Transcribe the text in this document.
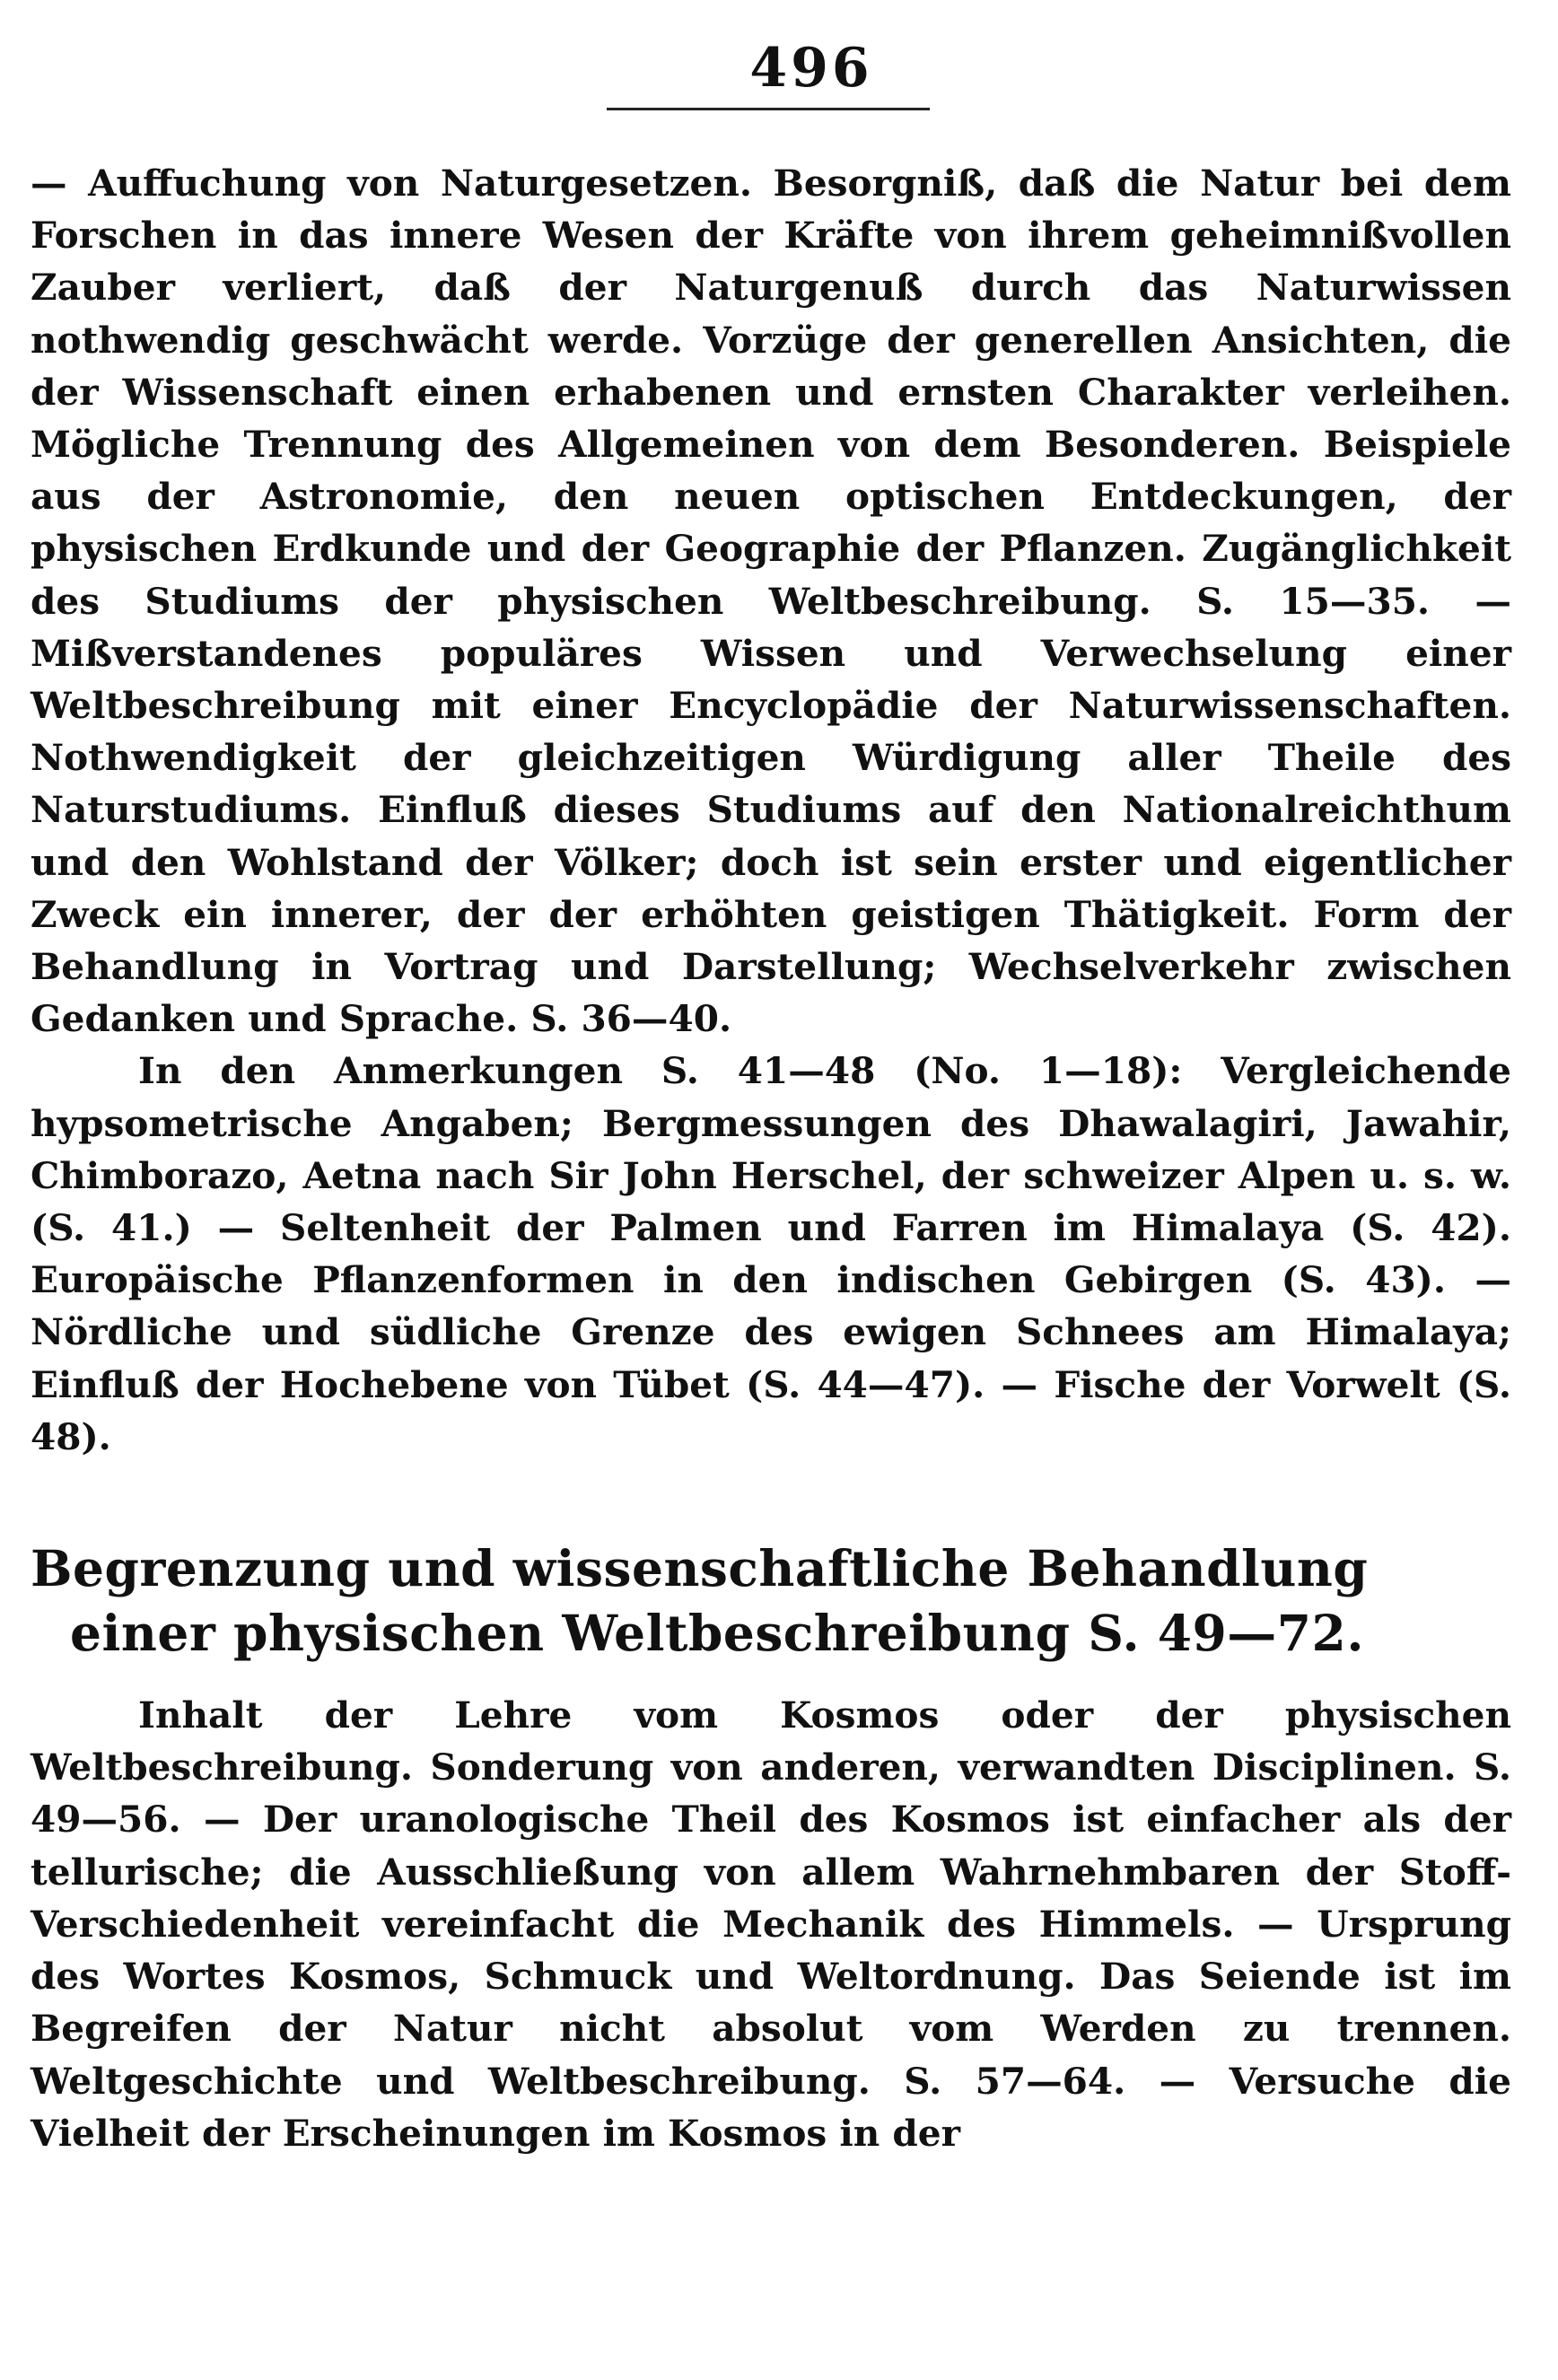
496

— Auffuchung von Naturgesetzen. Besorgniß, daß die Natur bei dem Forschen in das innere Wesen der Kräfte von ihrem geheimnißvollen Zauber verliert, daß der Naturgenuß durch das Naturwissen nothwendig geschwächt werde. Vorzüge der generellen Ansichten, die der Wissenschaft einen erhabenen und ernsten Charakter verleihen. Mögliche Trennung des Allgemeinen von dem Besonderen. Beispiele aus der Astronomie, den neuen optischen Entdeckungen, der physischen Erdkunde und der Geographie der Pflanzen. Zugänglichkeit des Studiums der physischen Weltbeschreibung. S. 15—35. — Mißverstandenes populäres Wissen und Verwechselung einer Weltbeschreibung mit einer Encyclopädie der Naturwissenschaften. Nothwendigkeit der gleichzeitigen Würdigung aller Theile des Naturstudiums. Einfluß dieses Studiums auf den Nationalreichthum und den Wohlstand der Völker; doch ist sein erster und eigentlicher Zweck ein innerer, der der erhöhten geistigen Thätigkeit. Form der Behandlung in Vortrag und Darstellung; Wechselverkehr zwischen Gedanken und Sprache. S. 36—40.

In den Anmerkungen S. 41—48 (No. 1—18): Vergleichende hypsometrische Angaben; Bergmessungen des Dhawalagiri, Jawahir, Chimborazo, Aetna nach Sir John Herschel, der schweizer Alpen u. s. w. (S. 41.) — Seltenheit der Palmen und Farren im Himalaya (S. 42). Europäische Pflanzenformen in den indischen Gebirgen (S. 43). — Nördliche und südliche Grenze des ewigen Schnees am Himalaya; Einfluß der Hochebene von Tübet (S. 44—47). — Fische der Vorwelt (S. 48).

Begrenzung und wissenschaftliche Behandlung einer physischen Weltbeschreibung S. 49—72.

Inhalt der Lehre vom Kosmos oder der physischen Weltbeschreibung. Sonderung von anderen, verwandten Disciplinen. S. 49—56. — Der uranologische Theil des Kosmos ist einfacher als der tellurische; die Ausschließung von allem Wahrnehmbaren der Stoff-Verschiedenheit vereinfacht die Mechanik des Himmels. — Ursprung des Wortes Kosmos, Schmuck und Weltordnung. Das Seiende ist im Begreifen der Natur nicht absolut vom Werden zu trennen. Weltgeschichte und Weltbeschreibung. S. 57—64. — Versuche die Vielheit der Erscheinungen im Kosmos in der
